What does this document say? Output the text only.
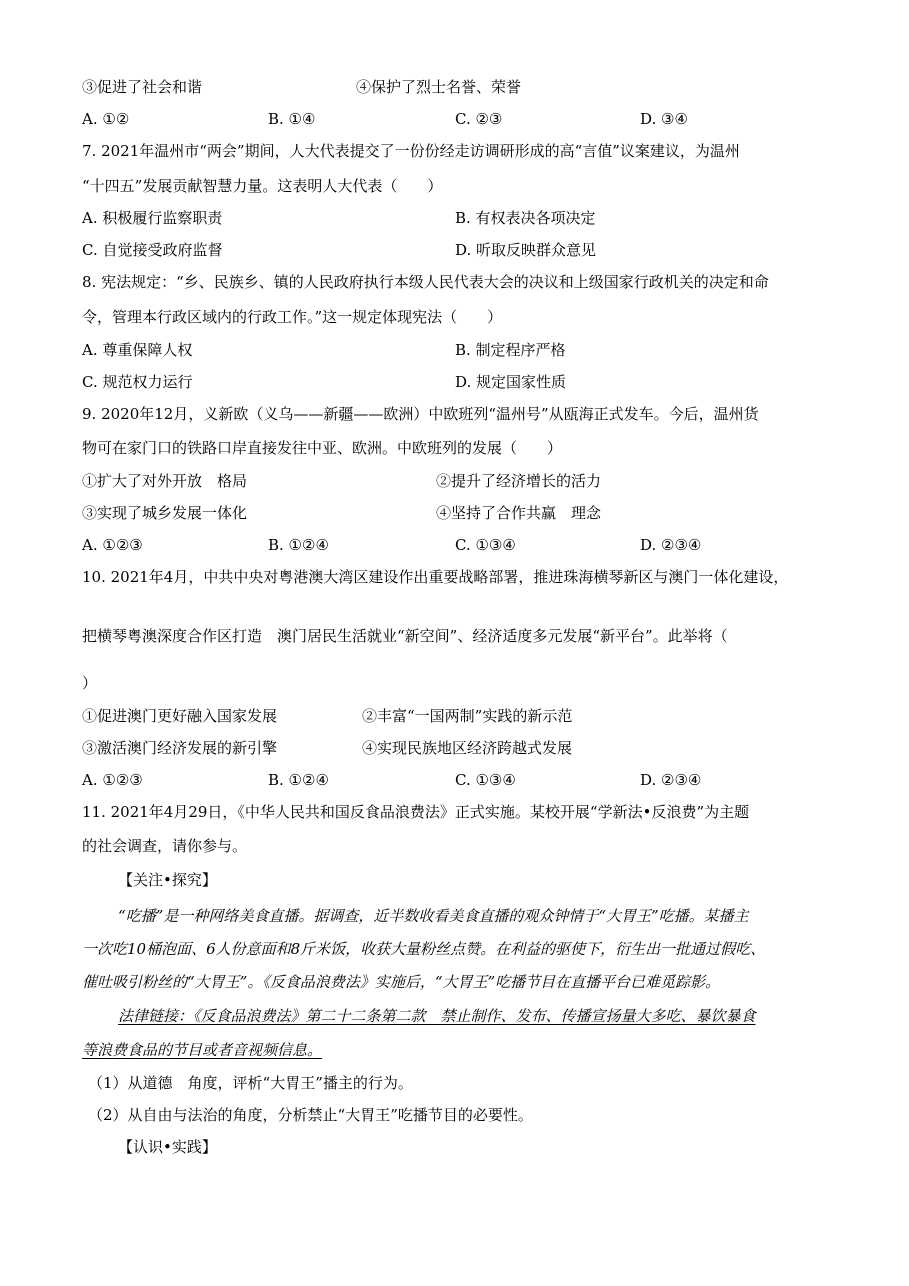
③促进了社会和谐	④保护了烈士名誉、荣誉
A. ①②	B. ①④	C. ②③	D. ③④
7. 2021年温州市“两会”期间，人大代表提交了一份份经走访调研形成的高“言值”议案建议，为温州
“十四五”发展贡献智慧力量。这表明人大代表（　　）
A. 积极履行监察职责	B. 有权表决各项决定
C. 自觉接受政府监督	D. 听取反映群众意见
8. 宪法规定：“乡、民族乡、镇的人民政府执行本级人民代表大会的决议和上级国家行政机关的决定和命
令，管理本行政区域内的行政工作。”这一规定体现宪法（　　）
A. 尊重保障人权	B. 制定程序严格
C. 规范权力运行	D. 规定国家性质
9. 2020年12月，义新欧（义乌——新疆——欧洲）中欧班列“温州号”从瓯海正式发车。今后，温州货
物可在家门口的铁路口岸直接发往中亚、欧洲。中欧班列的发展（　　）
①扩大了对外开放　格局	②提升了经济增长的活力
③实现了城乡发展一体化	④坚持了合作共赢　理念
A. ①②③	B. ①②④	C. ①③④	D. ②③④
10. 2021年4月，中共中央对粤港澳大湾区建设作出重要战略部署，推进珠海横琴新区与澳门一体化建设，
把横琴粤澳深度合作区打造　澳门居民生活就业“新空间”、经济适度多元发展“新平台”。此举将（
）
①促进澳门更好融入国家发展	②丰富“一国两制”实践的新示范
③激活澳门经济发展的新引擎	④实现民族地区经济跨越式发展
A. ①②③	B. ①②④	C. ①③④	D. ②③④
11. 2021年4月29日，《中华人民共和国反食品浪费法》正式实施。某校开展“学新法•反浪费”为主题
的社会调查，请你参与。
【关注•探究】
“吃播”是一种网络美食直播。据调查，近半数收看美食直播的观众钟情于“大胃王”吃播。某播主
一次吃10桶泡面、6人份意面和8斤米饭，收获大量粉丝点赞。在利益的驱使下，衍生出一批通过假吃、
催吐吸引粉丝的“大胃王”。《反食品浪费法》实施后，“大胃王”吃播节目在直播平台已难觅踪影。
法律链接：《反食品浪费法》第二十二条第二款　禁止制作、发布、传播宣扬量大多吃、暴饮暴食
等浪费食品的节目或者音视频信息。
（1）从道德　角度，评析“大胃王”播主的行为。
（2）从自由与法治的角度，分析禁止“大胃王”吃播节目的必要性。
【认识•实践】
